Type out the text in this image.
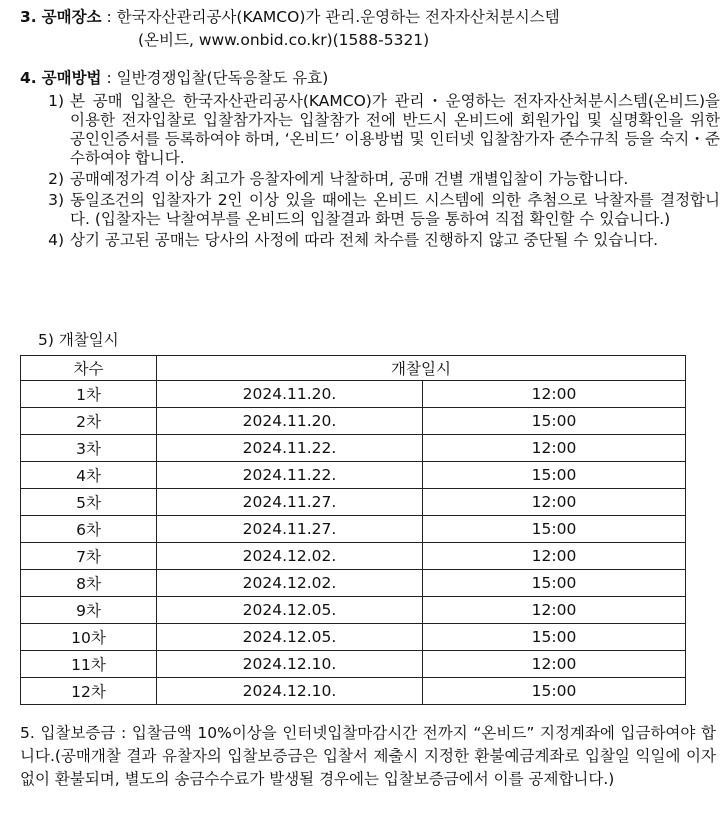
3. 공매장소 : 한국자산관리공사(KAMCO)가 관리.운영하는 전자자산처분시스템
(온비드, www.onbid.co.kr)(1588-5321)
4. 공매방법 : 일반경쟁입찰(단독응찰도 유효)
1) 본 공매 입찰은 한국자산관리공사(KAMCO)가 관리・운영하는 전자자산처분시스템(온비드)을 이용한 전자입찰로 입찰참가자는 입찰참가 전에 반드시 온비드에 회원가입 및 실명확인을 위한 공인인증서를 등록하여야 하며, ‘온비드’ 이용방법 및 인터넷 입찰참가자 준수규칙 등을 숙지・준수하여야 합니다.
2) 공매예정가격 이상 최고가 응찰자에게 낙찰하며, 공매 건별 개별입찰이 가능합니다.
3) 동일조건의 입찰자가 2인 이상 있을 때에는 온비드 시스템에 의한 추첨으로 낙찰자를 결정합니다. (입찰자는 낙찰여부를 온비드의 입찰결과 화면 등을 통하여 직접 확인할 수 있습니다.)
4) 상기 공고된 공매는 당사의 사정에 따라 전체 차수를 진행하지 않고 중단될 수 있습니다.
5) 개찰일시
차수	개찰일시	
1차	2024.11.20.	12:00
2차	2024.11.20.	15:00
3차	2024.11.22.	12:00
4차	2024.11.22.	15:00
5차	2024.11.27.	12:00
6차	2024.11.27.	15:00
7차	2024.12.02.	12:00
8차	2024.12.02.	15:00
9차	2024.12.05.	12:00
10차	2024.12.05.	15:00
11차	2024.12.10.	12:00
12차	2024.12.10.	15:00
5. 입찰보증금 : 입찰금액 10%이상을 인터넷입찰마감시간 전까지 “온비드” 지정계좌에 입금하여야 합니다.(공매개찰 결과 유찰자의 입찰보증금은 입찰서 제출시 지정한 환불예금계좌로 입찰일 익일에 이자 없이 환불되며, 별도의 송금수수료가 발생될 경우에는 입찰보증금에서 이를 공제합니다.)
